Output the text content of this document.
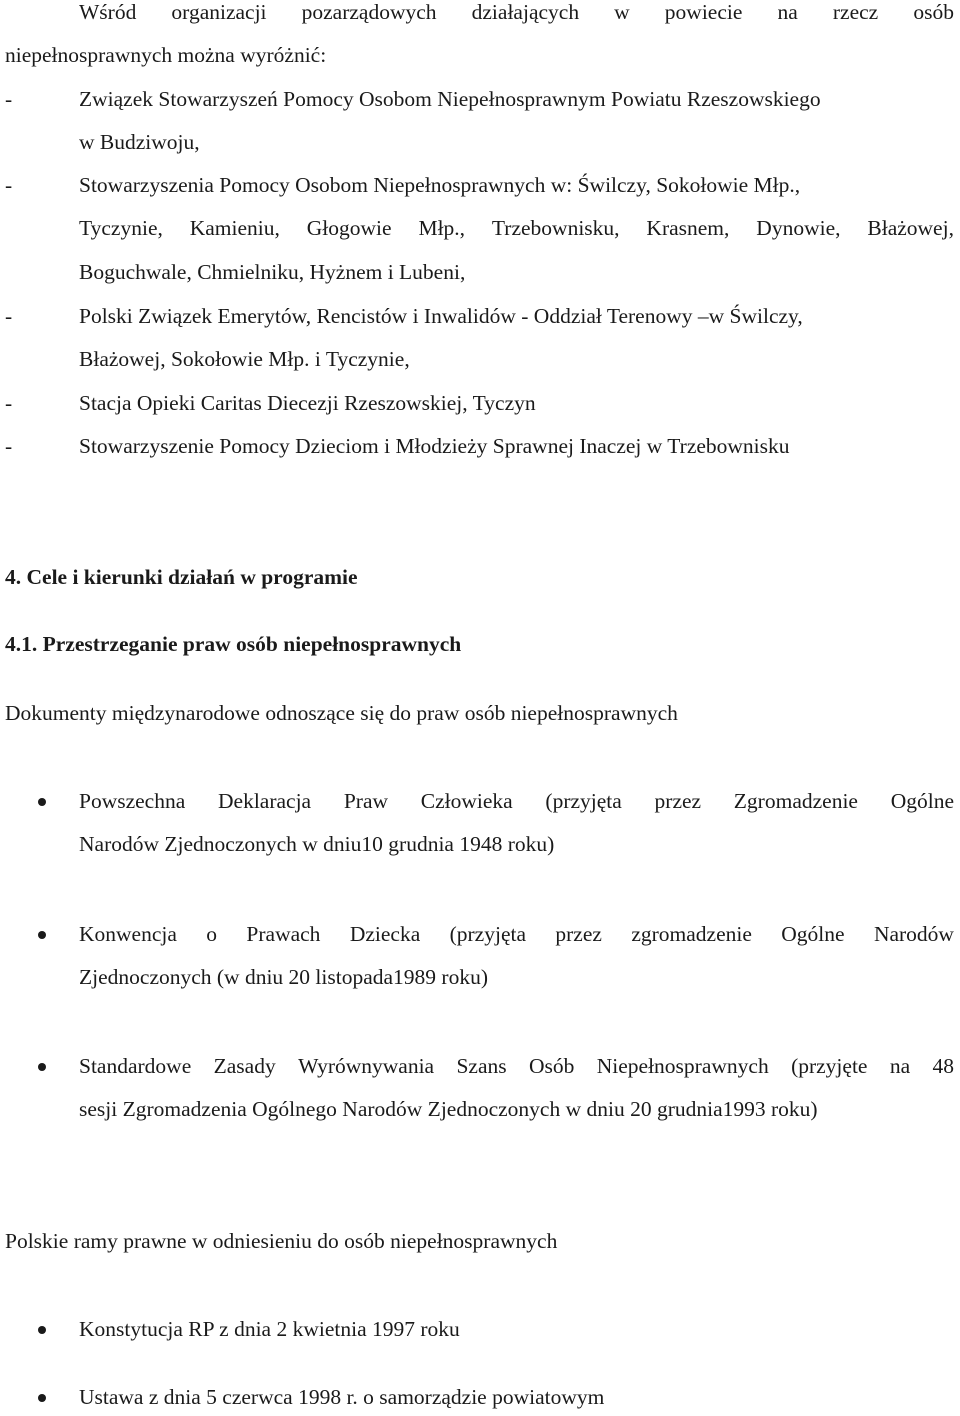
Wśród organizacji pozarządowych działających w powiecie na rzecz osób
niepełnosprawnych można wyróżnić:
-	Związek Stowarzyszeń Pomocy Osobom Niepełnosprawnym Powiatu Rzeszowskiego
w Budziwoju,
-	Stowarzyszenia Pomocy Osobom Niepełnosprawnych w: Świlczy, Sokołowie Młp.,
Tyczynie, Kamieniu, Głogowie Młp., Trzebownisku, Krasnem, Dynowie, Błażowej,
Boguchwale, Chmielniku, Hyżnem i Lubeni,
-	Polski Związek Emerytów, Rencistów i Inwalidów - Oddział Terenowy –w Świlczy,
Błażowej, Sokołowie Młp. i Tyczynie,
-	Stacja Opieki Caritas Diecezji Rzeszowskiej, Tyczyn
-	Stowarzyszenie Pomocy Dzieciom i Młodzieży Sprawnej Inaczej w Trzebownisku
4. Cele i kierunki działań w programie
4.1. Przestrzeganie praw osób niepełnosprawnych
Dokumenty międzynarodowe odnoszące się do praw osób niepełnosprawnych
Powszechna Deklaracja Praw Człowieka (przyjęta przez Zgromadzenie Ogólne
Narodów Zjednoczonych w dniu10 grudnia 1948 roku)
Konwencja o Prawach Dziecka (przyjęta przez zgromadzenie Ogólne Narodów
Zjednoczonych (w dniu 20 listopada1989 roku)
Standardowe Zasady Wyrównywania Szans Osób Niepełnosprawnych (przyjęte na 48
sesji Zgromadzenia Ogólnego Narodów Zjednoczonych w dniu 20 grudnia1993 roku)
Polskie ramy prawne w odniesieniu do osób niepełnosprawnych
Konstytucja RP z dnia 2 kwietnia 1997 roku
Ustawa z dnia 5 czerwca 1998 r. o samorządzie powiatowym
